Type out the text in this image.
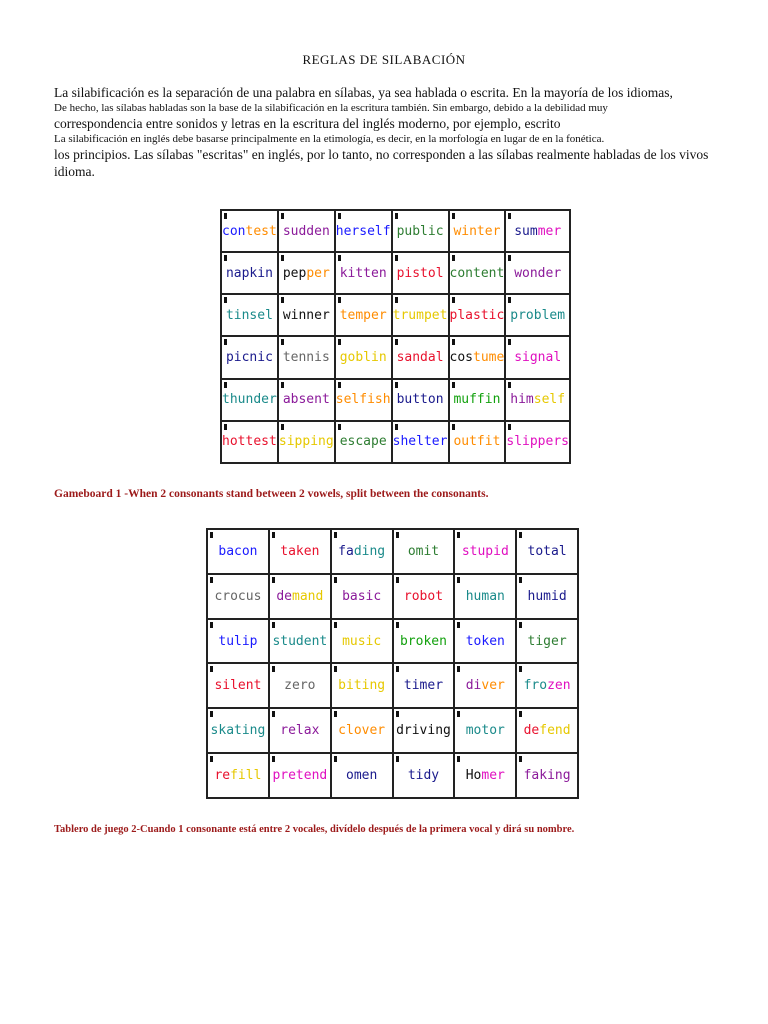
REGLAS DE SILABACIÓN

La silabificación es la separación de una palabra en sílabas, ya sea hablada o escrita. En la mayoría de los idiomas,

De hecho, las sílabas habladas son la base de la silabificación en la escritura también. Sin embargo, debido a la debilidad muy

correspondencia entre sonidos y letras en la escritura del inglés moderno, por ejemplo, escrito

La silabificación en inglés debe basarse principalmente en la etimología, es decir, en la morfología en lugar de en la fonética.

los principios. Las sílabas "escritas" en inglés, por lo tanto, no corresponden a las sílabas realmente habladas de los vivos

idioma.

contest	sudden	herself	public	winter	summer
napkin	pepper	kitten	pistol	content	wonder
tinsel	winner	temper	trumpet	plastic	problem
picnic	tennis	goblin	sandal	costume	signal
thunder	absent	selfish	button	muffin	himself
hottest	sipping	escape	shelter	outfit	slippers
Gameboard 1 -When 2 consonants stand between 2 vowels, split between the consonants.
bacon	taken	fading	omit	stupid	total
crocus	demand	basic	robot	human	humid
tulip	student	music	broken	token	tiger
silent	zero	biting	timer	diver	frozen
skating	relax	clover	driving	motor	defend
refill	pretend	omen	tidy	Homer	faking
Tablero de juego 2-Cuando 1 consonante está entre 2 vocales, divídelo después de la primera vocal y dirá su nombre.
